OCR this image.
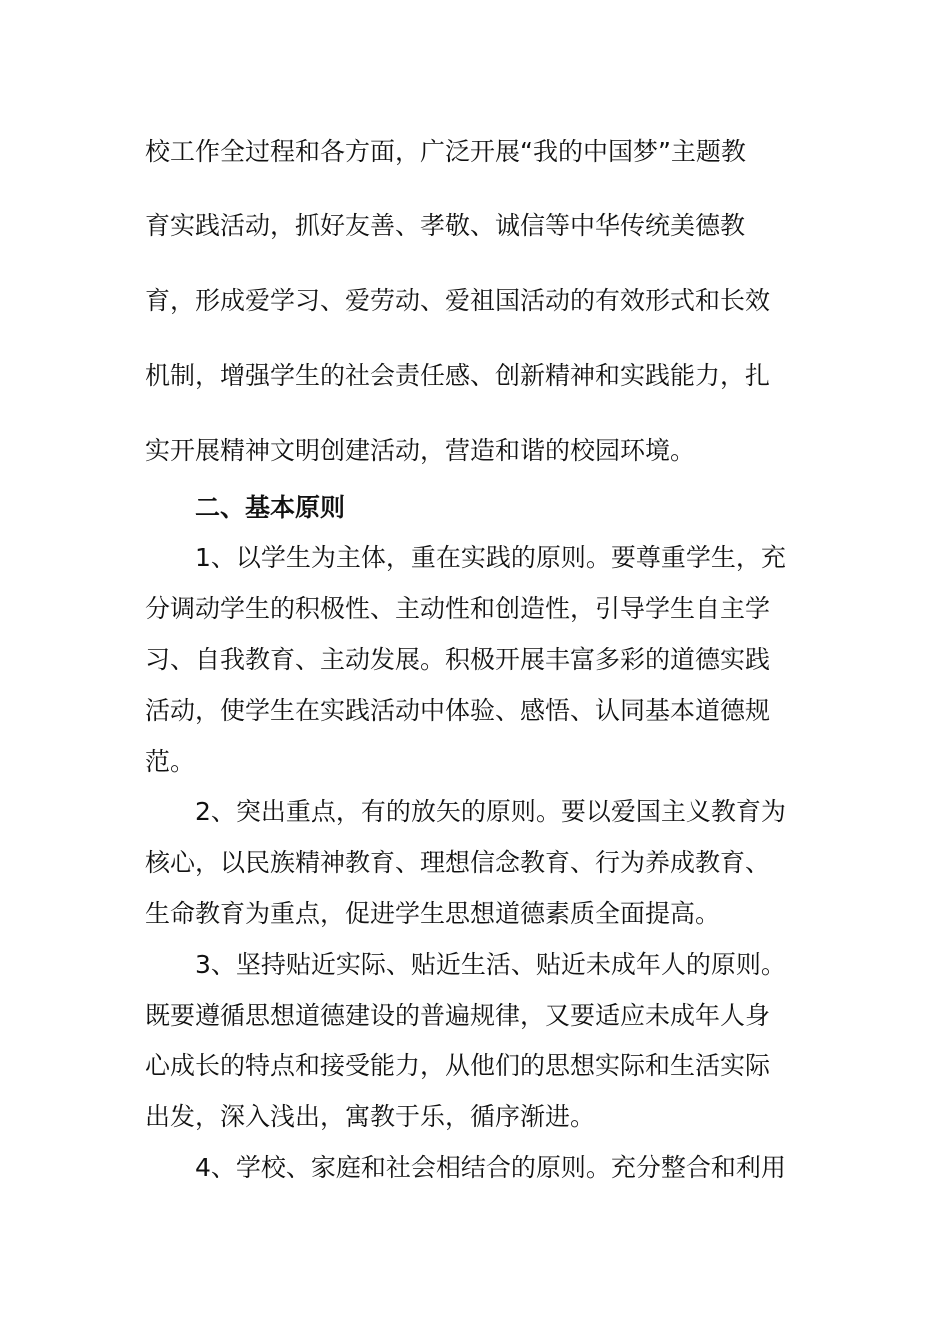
校工作全过程和各方面，广泛开展“我的中国梦”主题教

育实践活动，抓好友善、孝敬、诚信等中华传统美德教

育，形成爱学习、爱劳动、爱祖国活动的有效形式和长效

机制，增强学生的社会责任感、创新精神和实践能力，扎

实开展精神文明创建活动，营造和谐的校园环境。

二、基本原则

1、以学生为主体，重在实践的原则。要尊重学生，充

分调动学生的积极性、主动性和创造性，引导学生自主学

习、自我教育、主动发展。积极开展丰富多彩的道德实践

活动，使学生在实践活动中体验、感悟、认同基本道德规

范。

2、突出重点，有的放矢的原则。要以爱国主义教育为

核心，以民族精神教育、理想信念教育、行为养成教育、

生命教育为重点，促进学生思想道德素质全面提高。

3、坚持贴近实际、贴近生活、贴近未成年人的原则。

既要遵循思想道德建设的普遍规律，又要适应未成年人身

心成长的特点和接受能力，从他们的思想实际和生活实际

出发，深入浅出，寓教于乐，循序渐进。

4、学校、家庭和社会相结合的原则。充分整合和利用
